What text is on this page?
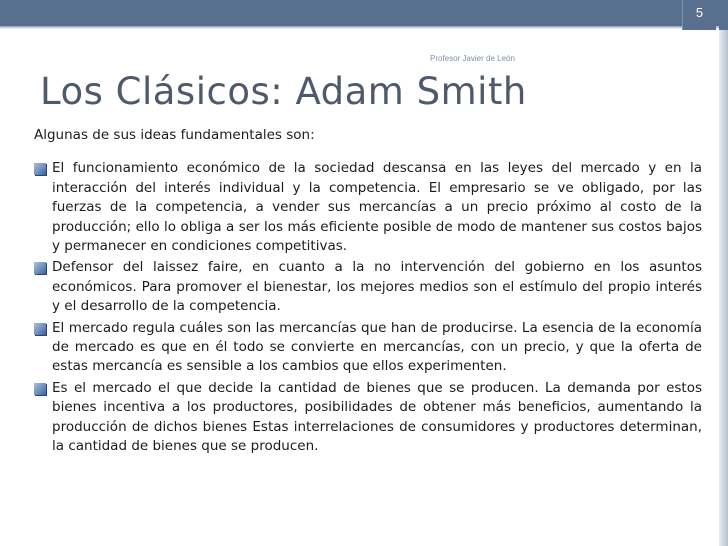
5
Profesor Javier de León
Los Clásicos: Adam Smith

Algunas de sus ideas fundamentales son:

El funcionamiento económico de la sociedad descansa en las leyes del mercado y en la interacción del interés individual y la competencia. El empresario se ve obligado, por las fuerzas de la competencia, a vender sus mercancías a un precio próximo al costo de la producción; ello lo obliga a ser los más eficiente posible de modo de mantener sus costos bajos y permanecer en condiciones competitivas.
Defensor del laissez faire, en cuanto a la no intervención del gobierno en los asuntos económicos. Para promover el bienestar, los mejores medios son el estímulo del propio interés y el desarrollo de la competencia.
El mercado regula cuáles son las mercancías que han de producirse. La esencia de la economía de mercado es que en él todo se convierte en mercancías, con un precio, y que la oferta de estas mercancía es sensible a los cambios que ellos experimenten.
Es el mercado el que decide la cantidad de bienes que se producen. La demanda por estos bienes incentiva a los productores, posibilidades de obtener más beneficios, aumentando la producción de dichos bienes Estas interrelaciones de consumidores y productores determinan, la cantidad de bienes que se producen.
